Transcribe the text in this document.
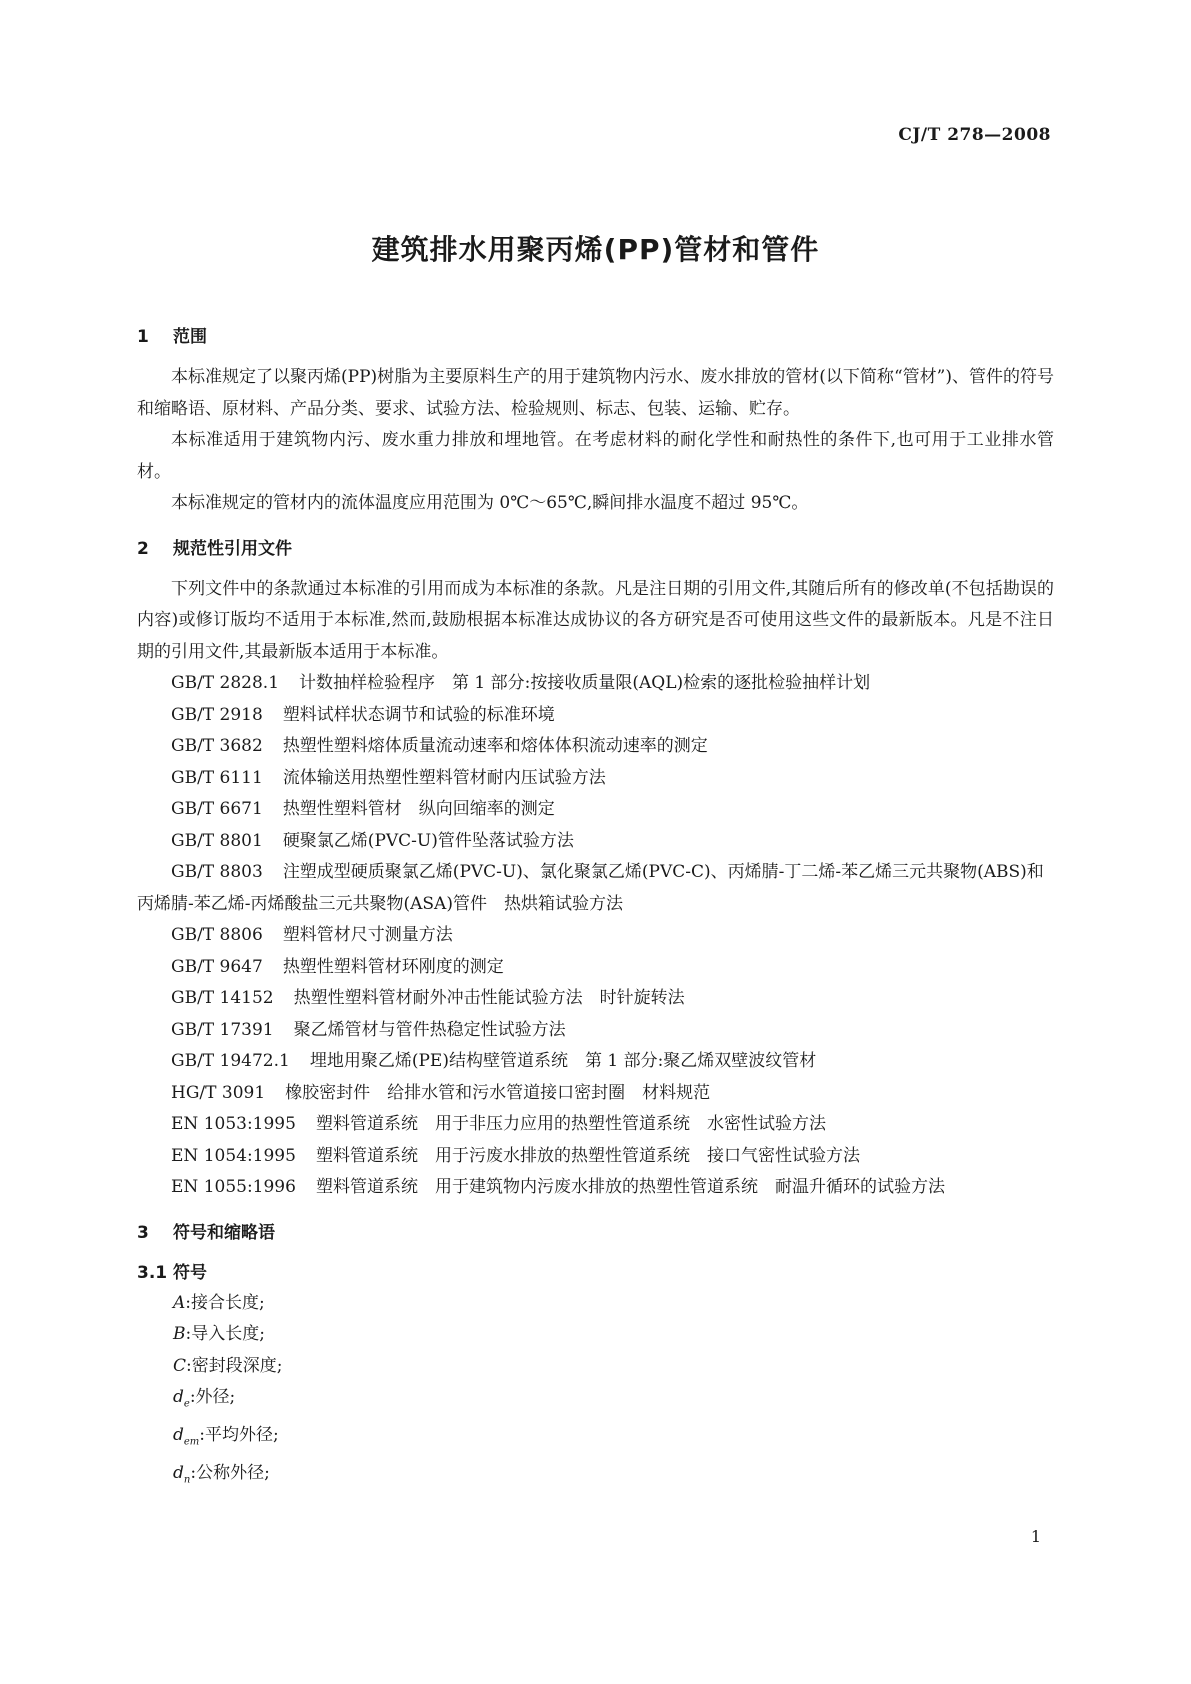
CJ/T 278—2008
建筑排水用聚丙烯(PP)管材和管件
1 范围

本标准规定了以聚丙烯(PP)树脂为主要原料生产的用于建筑物内污水、废水排放的管材(以下简称“管材”)、管件的符号和缩略语、原材料、产品分类、要求、试验方法、检验规则、标志、包装、运输、贮存。

本标准适用于建筑物内污、废水重力排放和埋地管。在考虑材料的耐化学性和耐热性的条件下,也可用于工业排水管材。

本标准规定的管材内的流体温度应用范围为 0℃～65℃,瞬间排水温度不超过 95℃。

2 规范性引用文件

下列文件中的条款通过本标准的引用而成为本标准的条款。凡是注日期的引用文件,其随后所有的修改单(不包括勘误的内容)或修订版均不适用于本标准,然而,鼓励根据本标准达成协议的各方研究是否可使用这些文件的最新版本。凡是不注日期的引用文件,其最新版本适用于本标准。

GB/T 2828.1 计数抽样检验程序　第 1 部分:按接收质量限(AQL)检索的逐批检验抽样计划

GB/T 2918 塑料试样状态调节和试验的标准环境

GB/T 3682 热塑性塑料熔体质量流动速率和熔体体积流动速率的测定

GB/T 6111 流体输送用热塑性塑料管材耐内压试验方法

GB/T 6671 热塑性塑料管材　纵向回缩率的测定

GB/T 8801 硬聚氯乙烯(PVC-U)管件坠落试验方法

GB/T 8803 注塑成型硬质聚氯乙烯(PVC-U)、氯化聚氯乙烯(PVC-C)、丙烯腈-丁二烯-苯乙烯三元共聚物(ABS)和丙烯腈-苯乙烯-丙烯酸盐三元共聚物(ASA)管件　热烘箱试验方法

GB/T 8806 塑料管材尺寸测量方法

GB/T 9647 热塑性塑料管材环刚度的测定

GB/T 14152 热塑性塑料管材耐外冲击性能试验方法　时针旋转法

GB/T 17391 聚乙烯管材与管件热稳定性试验方法

GB/T 19472.1 埋地用聚乙烯(PE)结构壁管道系统　第 1 部分:聚乙烯双壁波纹管材

HG/T 3091 橡胶密封件　给排水管和污水管道接口密封圈　材料规范

EN 1053:1995 塑料管道系统　用于非压力应用的热塑性管道系统　水密性试验方法

EN 1054:1995 塑料管道系统　用于污废水排放的热塑性管道系统　接口气密性试验方法

EN 1055:1996 塑料管道系统　用于建筑物内污废水排放的热塑性管道系统　耐温升循环的试验方法

3 符号和缩略语
3.1 符号

A:接合长度;

B:导入长度;

C:密封段深度;

$d_e$:外径;

$d_{em}$:平均外径;

$d_n$:公称外径;

1
